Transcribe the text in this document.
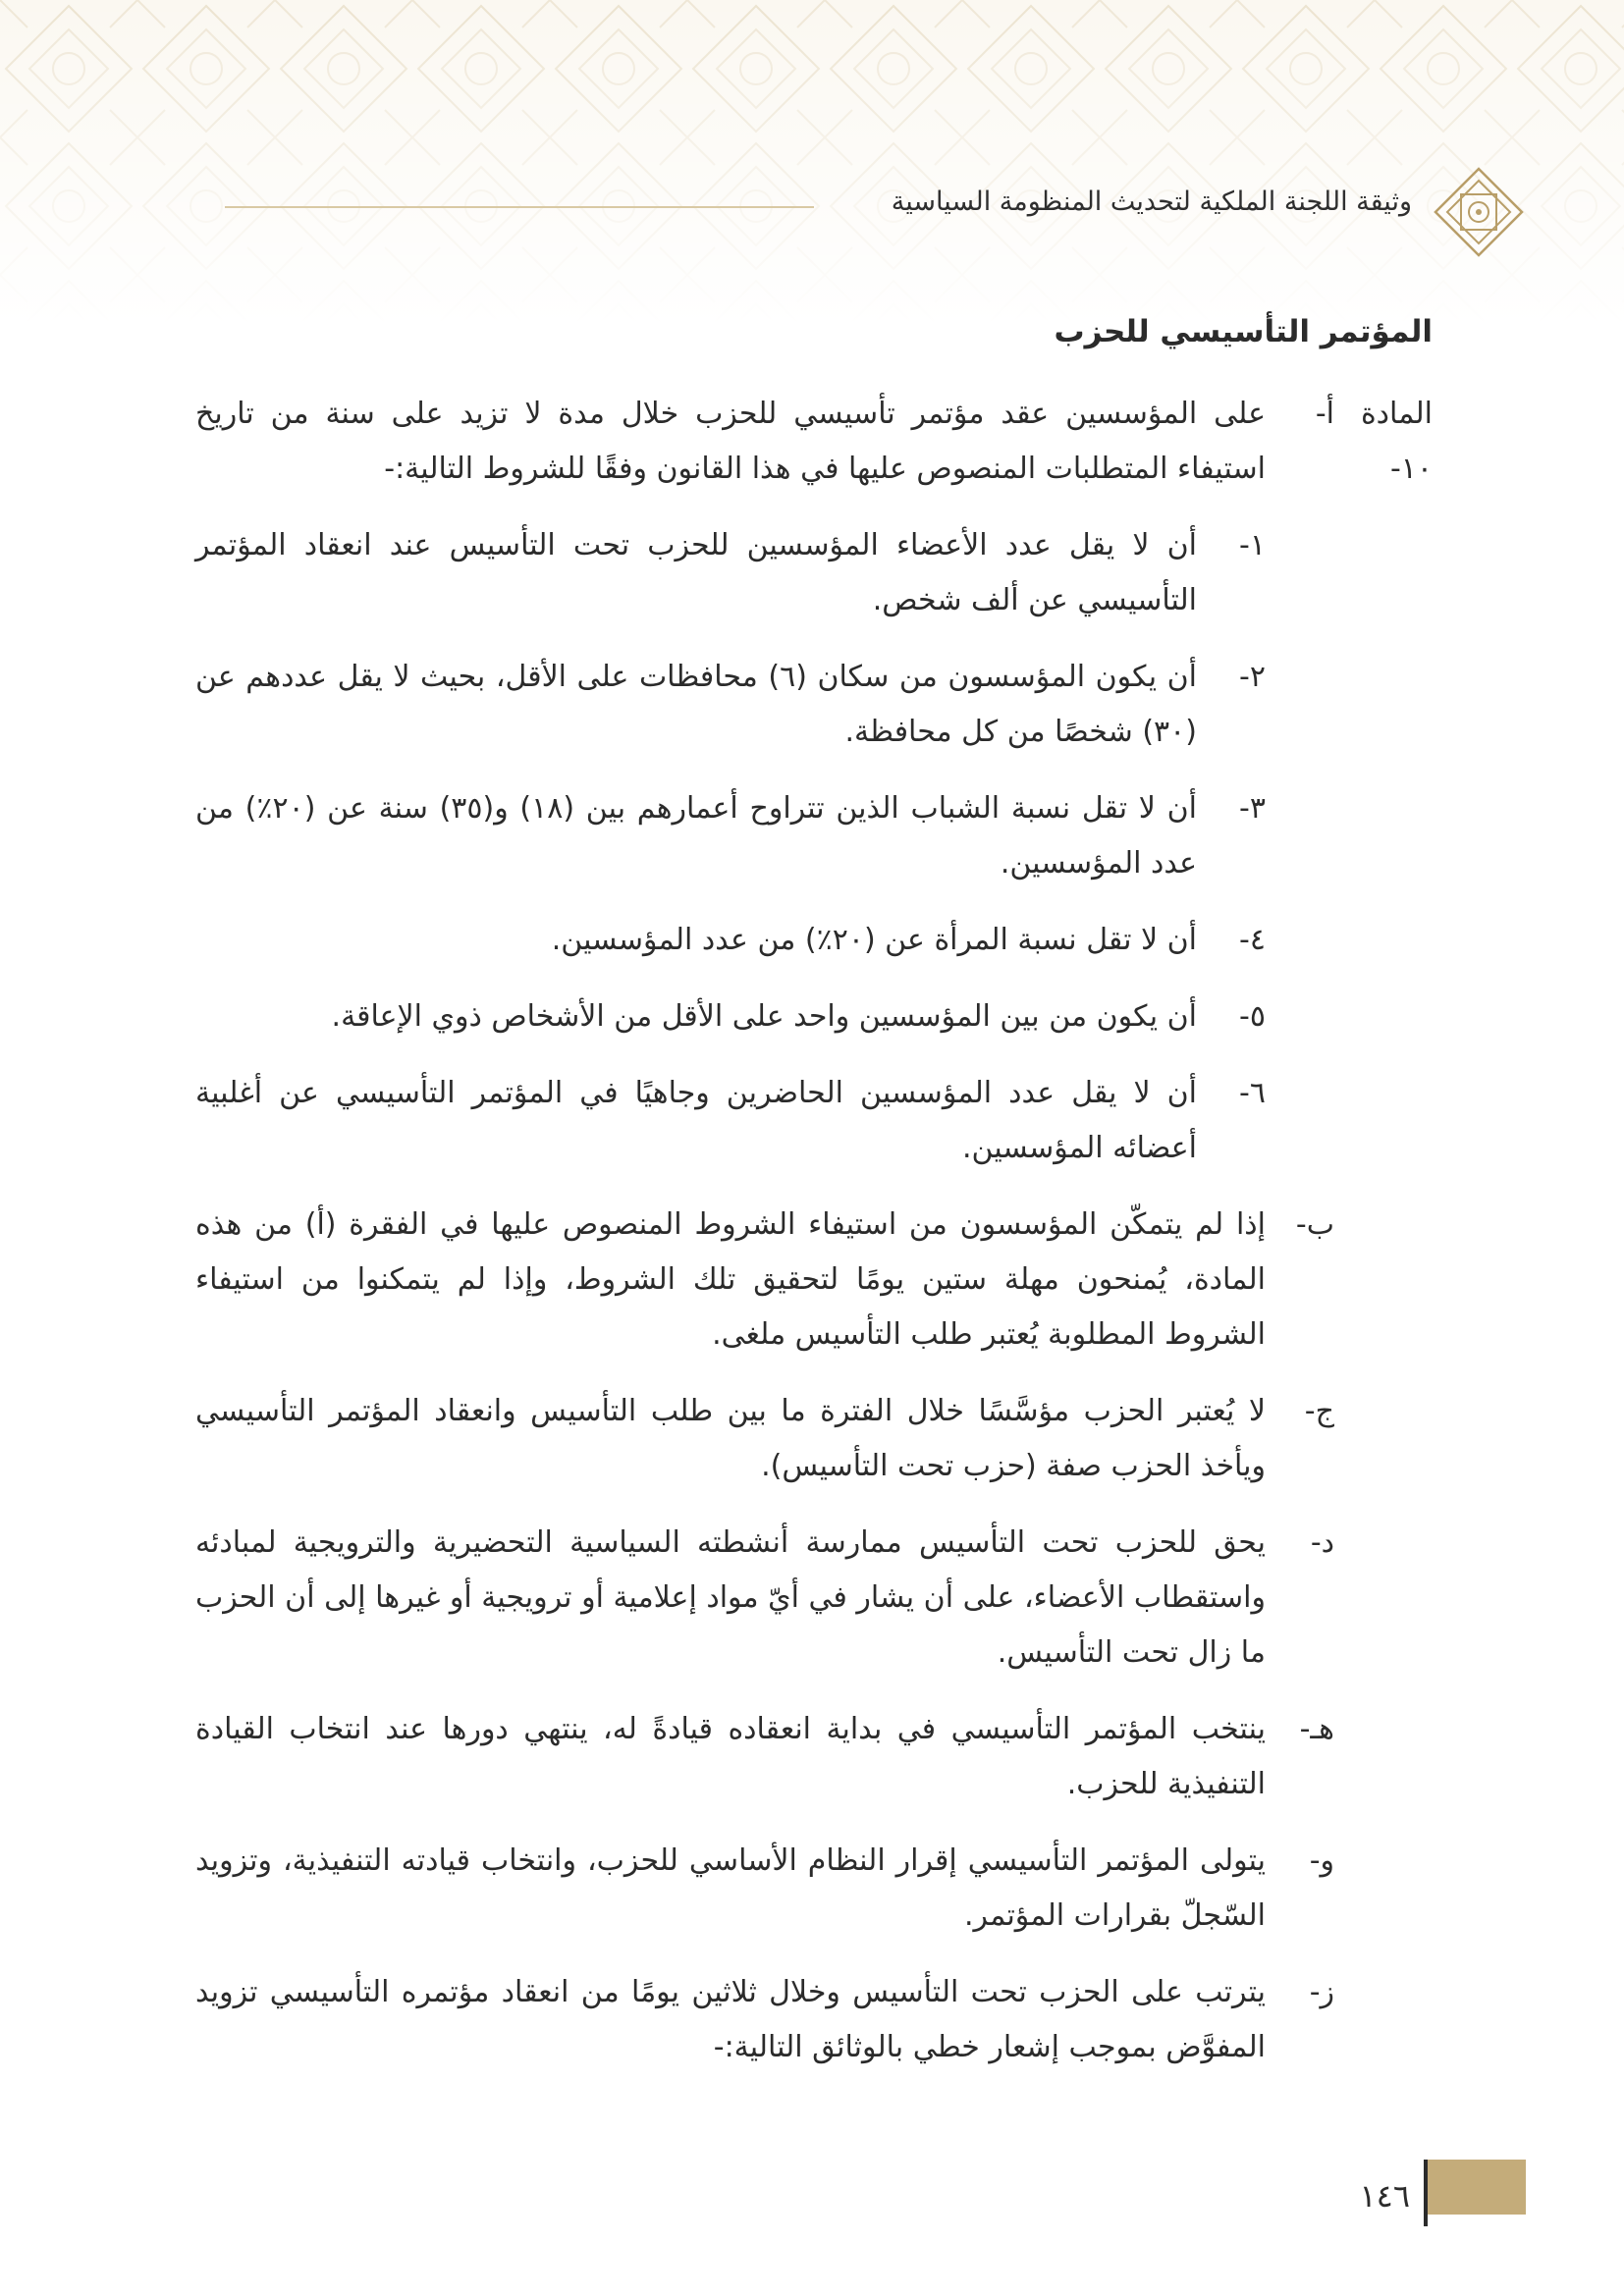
وثيقة اللجنة الملكية لتحديث المنظومة السياسية
المؤتمر التأسيسي للحزب
المادة ١٠-
أ-
على المؤسسين عقد مؤتمر تأسيسي للحزب خلال مدة لا تزيد على سنة من تاريخ استيفاء المتطلبات المنصوص عليها في هذا القانون وفقًا للشروط التالية:-
١-
أن لا يقل عدد الأعضاء المؤسسين للحزب تحت التأسيس عند انعقاد المؤتمر التأسيسي عن ألف شخص.
٢-
أن يكون المؤسسون من سكان (٦) محافظات على الأقل، بحيث لا يقل عددهم عن (٣٠) شخصًا من كل محافظة.
٣-
أن لا تقل نسبة الشباب الذين تتراوح أعمارهم بين (١٨) و(٣٥) سنة عن (٢٠٪) من عدد المؤسسين.
٤-
أن لا تقل نسبة المرأة عن (٢٠٪) من عدد المؤسسين.
٥-
أن يكون من بين المؤسسين واحد على الأقل من الأشخاص ذوي الإعاقة.
٦-
أن لا يقل عدد المؤسسين الحاضرين وجاهيًا في المؤتمر التأسيسي عن أغلبية أعضائه المؤسسين.
ب-
إذا لم يتمكّن المؤسسون من استيفاء الشروط المنصوص عليها في الفقرة (أ) من هذه المادة، يُمنحون مهلة ستين يومًا لتحقيق تلك الشروط، وإذا لم يتمكنوا من استيفاء الشروط المطلوبة يُعتبر طلب التأسيس ملغى.
ج-
لا يُعتبر الحزب مؤسَّسًا خلال الفترة ما بين طلب التأسيس وانعقاد المؤتمر التأسيسي ويأخذ الحزب صفة (حزب تحت التأسيس).
د-
يحق للحزب تحت التأسيس ممارسة أنشطته السياسية التحضيرية والترويجية لمبادئه واستقطاب الأعضاء، على أن يشار في أيّ مواد إعلامية أو ترويجية أو غيرها إلى أن الحزب ما زال تحت التأسيس.
هـ-
ينتخب المؤتمر التأسيسي في بداية انعقاده قيادةً له، ينتهي دورها عند انتخاب القيادة التنفيذية للحزب.
و-
يتولى المؤتمر التأسيسي إقرار النظام الأساسي للحزب، وانتخاب قيادته التنفيذية، وتزويد السّجلّ بقرارات المؤتمر.
ز-
يترتب على الحزب تحت التأسيس وخلال ثلاثين يومًا من انعقاد مؤتمره التأسيسي تزويد المفوَّض بموجب إشعار خطي بالوثائق التالية:-
١٤٦
